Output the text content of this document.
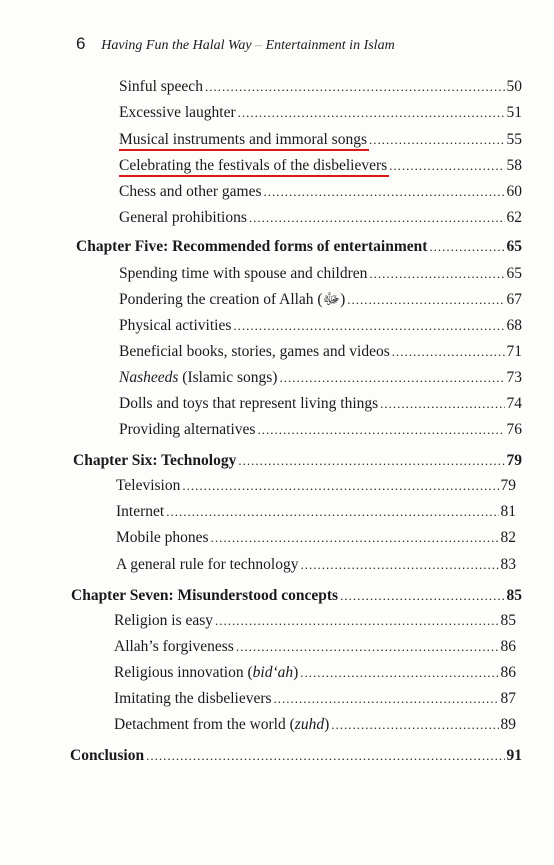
6 Having Fun the Halal Way – Entertainment in Islam
Sinful speech .....	50
Excessive laughter .....	51
Musical instruments and immoral songs .....	55
Celebrating the festivals of the disbelievers .....	58
Chess and other games .....	60
General prohibitions .....	62
Chapter Five: Recommended forms of entertainment .....	65
Spending time with spouse and children .....	65
Pondering the creation of Allah (ﷻ) .....	67
Physical activities .....	68
Beneficial books, stories, games and videos .....	71
Nasheeds (Islamic songs) .....	73
Dolls and toys that represent living things .....	74
Providing alternatives .....	76
Chapter Six: Technology .....	79
Television .....	79
Internet .....	81
Mobile phones .....	82
A general rule for technology .....	83
Chapter Seven: Misunderstood concepts .....	85
Religion is easy .....	85
Allah’s forgiveness .....	86
Religious innovation (bid‘ah) .....	86
Imitating the disbelievers .....	87
Detachment from the world (zuhd) .....	89
Conclusion .....	91
